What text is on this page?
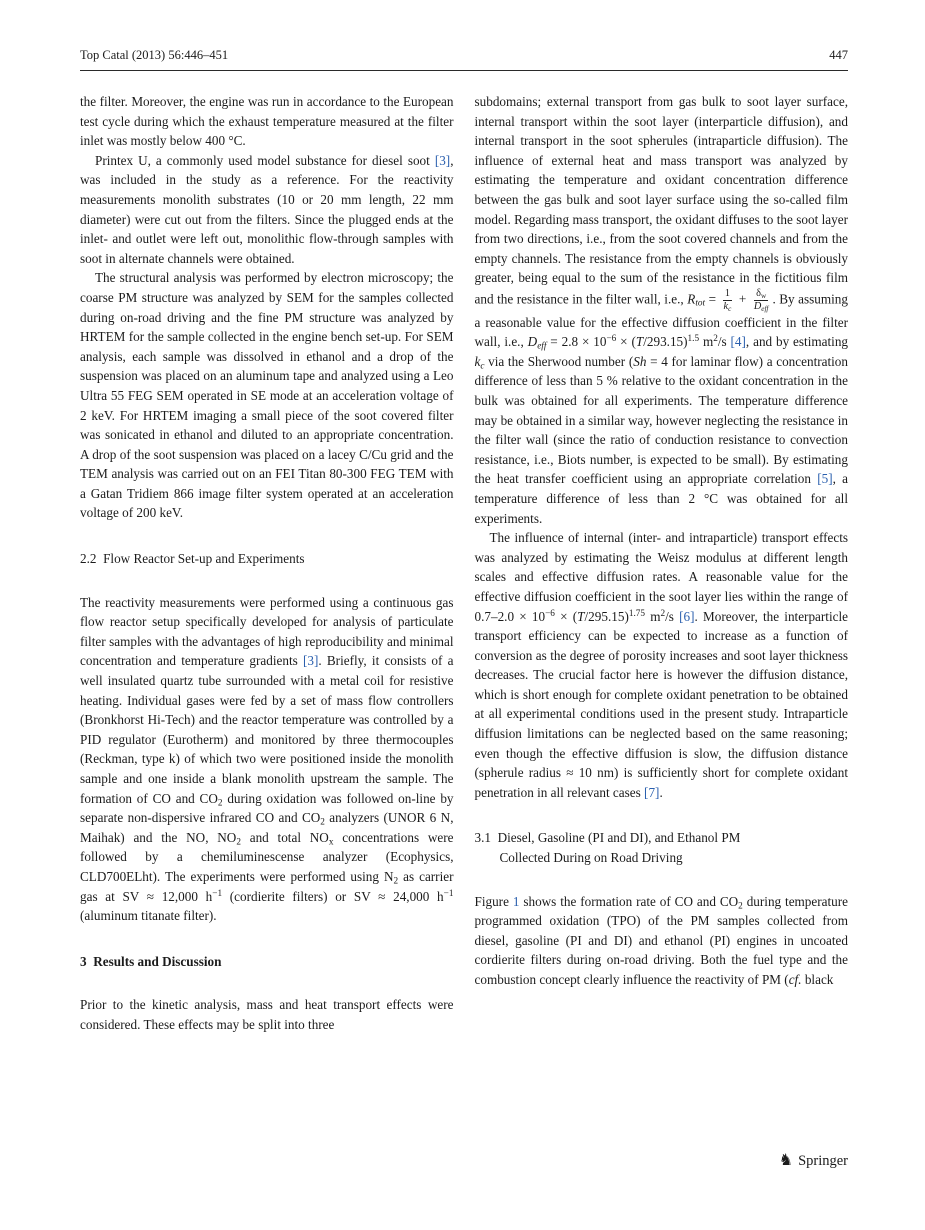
Top Catal (2013) 56:446–451	447

the filter. Moreover, the engine was run in accordance to the European test cycle during which the exhaust temperature measured at the filter inlet was mostly below 400 °C.

Printex U, a commonly used model substance for diesel soot [3], was included in the study as a reference. For the reactivity measurements monolith substrates (10 or 20 mm length, 22 mm diameter) were cut out from the filters. Since the plugged ends at the inlet- and outlet were left out, monolithic flow-through samples with soot in alternate channels were obtained.

The structural analysis was performed by electron microscopy; the coarse PM structure was analyzed by SEM for the samples collected during on-road driving and the fine PM structure was analyzed by HRTEM for the sample collected in the engine bench set-up. For SEM analysis, each sample was dissolved in ethanol and a drop of the suspension was placed on an aluminum tape and analyzed using a Leo Ultra 55 FEG SEM operated in SE mode at an acceleration voltage of 2 keV. For HRTEM imaging a small piece of the soot covered filter was sonicated in ethanol and diluted to an appropriate concentration. A drop of the soot suspension was placed on a lacey C/Cu grid and the TEM analysis was carried out on an FEI Titan 80-300 FEG TEM with a Gatan Tridiem 866 image filter system operated at an acceleration voltage of 200 keV.

2.2  Flow Reactor Set-up and Experiments

The reactivity measurements were performed using a continuous gas flow reactor setup specifically developed for analysis of particulate filter samples with the advantages of high reproducibility and minimal concentration and temperature gradients [3]. Briefly, it consists of a well insulated quartz tube surrounded with a metal coil for resistive heating. Individual gases were fed by a set of mass flow controllers (Bronkhorst Hi-Tech) and the reactor temperature was controlled by a PID regulator (Eurotherm) and monitored by three thermocouples (Reckman, type k) of which two were positioned inside the monolith sample and one inside a blank monolith upstream the sample. The formation of CO and $CO_2$ during oxidation was followed on-line by separate non-dispersive infrared CO and $CO_2$ analyzers (UNOR 6 N, Maihak) and the NO, $NO_2$ and total $NO_x$ concentrations were followed by a chemiluminescense analyzer (Ecophysics, CLD700ELht). The experiments were performed using $N_2$ as carrier gas at SV ≈ 12,000 $h^{-1}$ (cordierite filters) or SV ≈ 24,000 $h^{-1}$ (aluminum titanate filter).

3  Results and Discussion

Prior to the kinetic analysis, mass and heat transport effects were considered. These effects may be split into three

subdomains; external transport from gas bulk to soot layer surface, internal transport within the soot layer (interparticle diffusion), and internal transport in the soot spherules (intraparticle diffusion). The influence of external heat and mass transport was analyzed by estimating the temperature and oxidant concentration difference between the gas bulk and soot layer surface using the so-called film model. Regarding mass transport, the oxidant diffuses to the soot layer from two directions, i.e., from the soot covered channels and from the empty channels. The resistance from the empty channels is obviously greater, being equal to the sum of the resistance in the fictitious film and the resistance in the filter wall, i.e., $R_{tot} = \frac{1}{k_c} + \frac{\delta_w}{D_{eff}}$ . By assuming a reasonable value for the effective diffusion coefficient in the filter wall, i.e., $D_{eff} = 2.8 \times 10^{-6} \times (T/293.15)^{1.5}$ $m^2/s$ [4], and by estimating $k_c$ via the Sherwood number (Sh = 4 for laminar flow) a concentration difference of less than 5 % relative to the oxidant concentration in the bulk was obtained for all experiments. The temperature difference may be obtained in a similar way, however neglecting the resistance in the filter wall (since the ratio of conduction resistance to convection resistance, i.e., Biots number, is expected to be small). By estimating the heat transfer coefficient using an appropriate correlation [5], a temperature difference of less than 2 °C was obtained for all experiments.

The influence of internal (inter- and intraparticle) transport effects was analyzed by estimating the Weisz modulus at different length scales and effective diffusion rates. A reasonable value for the effective diffusion coefficient in the soot layer lies within the range of $0.7-2.0 \times 10^{-6} \times (T/295.15)^{1.75}$ $m^2/s$ [6]. Moreover, the interparticle transport efficiency can be expected to increase as a function of conversion as the degree of porosity increases and soot layer thickness decreases. The crucial factor here is however the diffusion distance, which is short enough for complete oxidant penetration to be obtained at all experimental conditions used in the present study. Intraparticle diffusion limitations can be neglected based on the same reasoning; even though the effective diffusion is slow, the diffusion distance (spherule radius ≈ 10 nm) is sufficiently short for complete oxidant penetration in all relevant cases [7].

3.1  Diesel, Gasoline (PI and DI), and Ethanol PM
Collected During on Road Driving

Figure 1 shows the formation rate of CO and $CO_2$ during temperature programmed oxidation (TPO) of the PM samples collected from diesel, gasoline (PI and DI) and ethanol (PI) engines in uncoated cordierite filters during on-road driving. Both the fuel type and the combustion concept clearly influence the reactivity of PM (cf. black

♞ Springer
